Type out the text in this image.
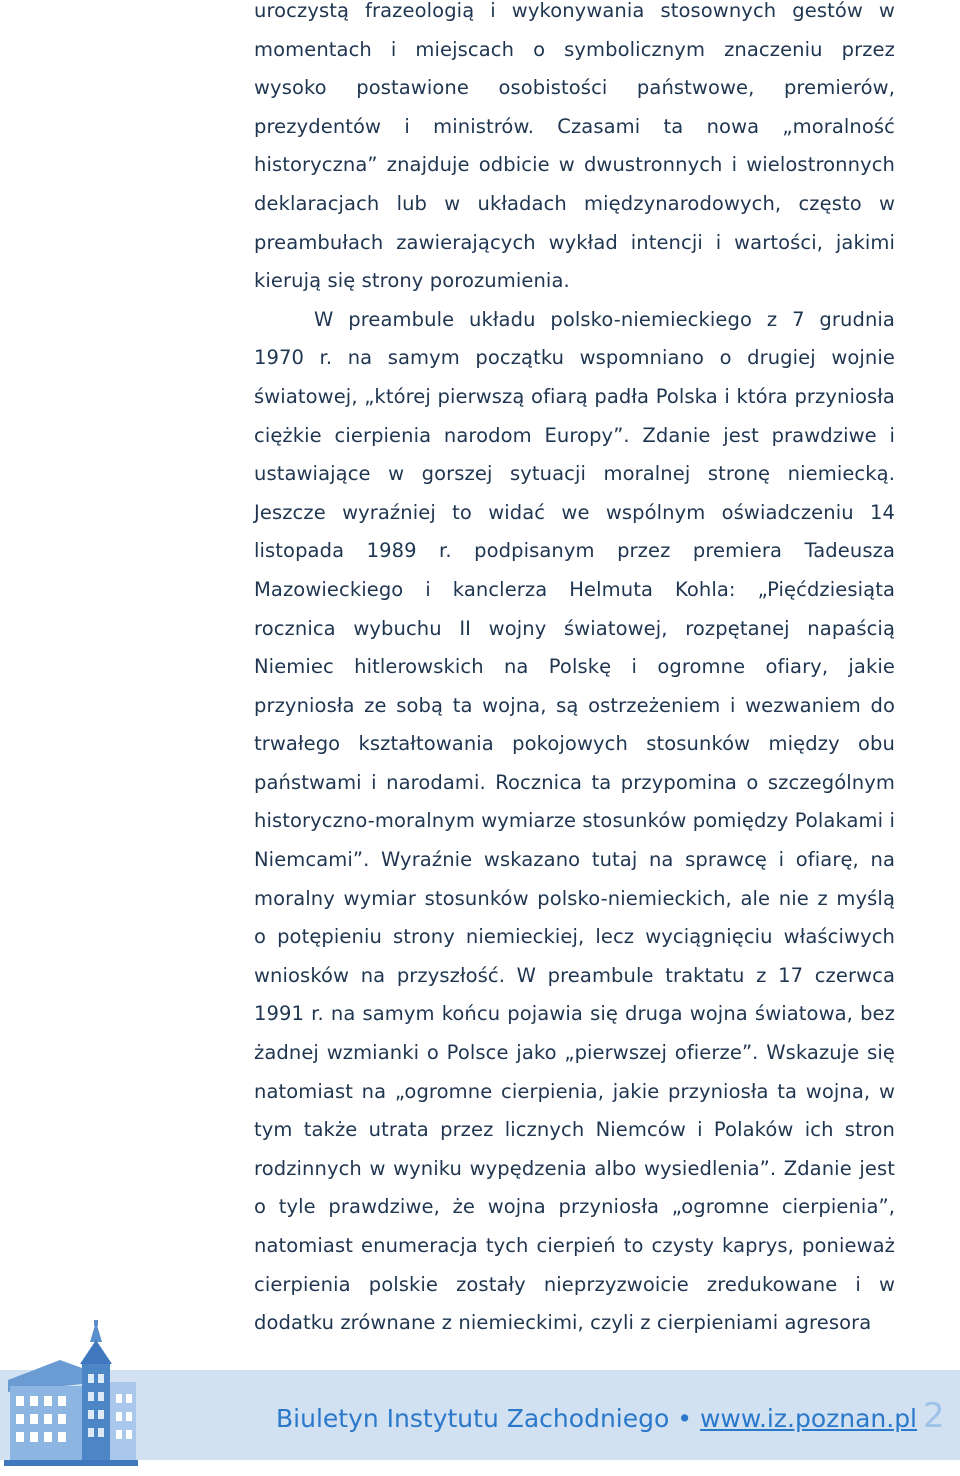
uroczystą frazeologią i wykonywania stosownych gestów w momentach i miejscach o symbolicznym znaczeniu przez wysoko postawione osobistości państwowe, premierów, prezydentów i ministrów. Czasami ta nowa „moralność historyczna” znajduje odbicie w dwustronnych i wielostronnych deklaracjach lub w układach międzynarodowych, często w preambułach zawierających wykład intencji i wartości, jakimi kierują się strony porozumienia.

W preambule układu polsko-niemieckiego z 7 grudnia 1970 r. na samym początku wspomniano o drugiej wojnie światowej, „której pierwszą ofiarą padła Polska i która przyniosła ciężkie cierpienia narodom Europy”. Zdanie jest prawdziwe i ustawiające w gorszej sytuacji moralnej stronę niemiecką. Jeszcze wyraźniej to widać we wspólnym oświadczeniu 14 listopada 1989 r. podpisanym przez premiera Tadeusza Mazowieckiego i kanclerza Helmuta Kohla: „Pięćdziesiąta rocznica wybuchu II wojny światowej, rozpętanej napaścią Niemiec hitlerowskich na Polskę i ogromne ofiary, jakie przyniosła ze sobą ta wojna, są ostrzeżeniem i wezwaniem do trwałego kształtowania pokojowych stosunków między obu państwami i narodami. Rocznica ta przypomina o szczególnym historyczno-moralnym wymiarze stosunków pomiędzy Polakami i Niemcami”. Wyraźnie wskazano tutaj na sprawcę i ofiarę, na moralny wymiar stosunków polsko-niemieckich, ale nie z myślą o potępieniu strony niemieckiej, lecz wyciągnięciu właściwych wniosków na przyszłość. W preambule traktatu z 17 czerwca 1991 r. na samym końcu pojawia się druga wojna światowa, bez żadnej wzmianki o Polsce jako „pierwszej ofierze”. Wskazuje się natomiast na „ogromne cierpienia, jakie przyniosła ta wojna, w tym także utrata przez licznych Niemców i Polaków ich stron rodzinnych w wyniku wypędzenia albo wysiedlenia”. Zdanie jest o tyle prawdziwe, że wojna przyniosła „ogromne cierpienia”, natomiast enumeracja tych cierpień to czysty kaprys, ponieważ cierpienia polskie zostały nieprzyzwoicie zredukowane i w dodatku zrównane z niemieckimi, czyli z cierpieniami agresora

Biuletyn Instytutu Zachodniego • www.iz.poznan.pl 2
